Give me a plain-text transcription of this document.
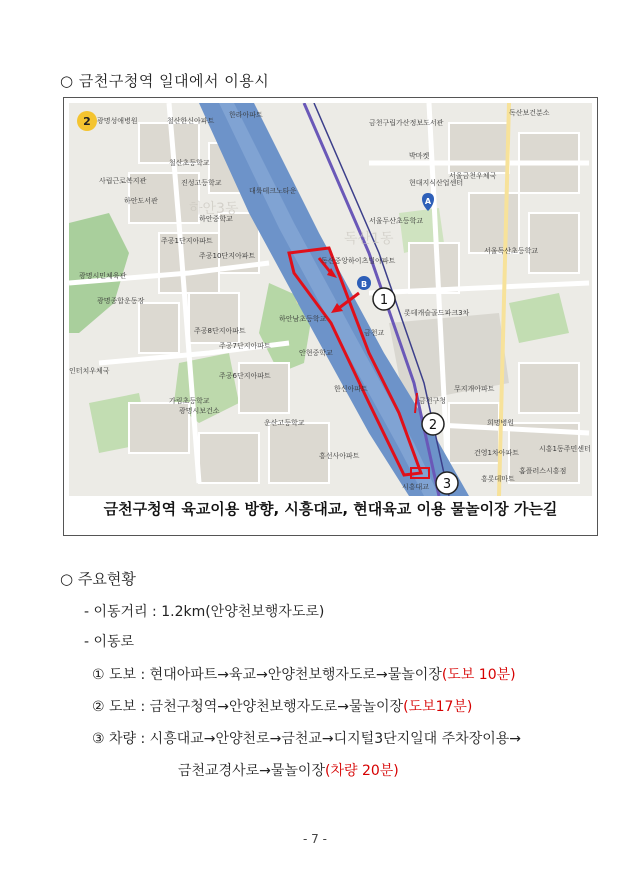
○ 금천구청역 일대에서 이용시
2
A
B
1
2
3
광명성애병원	철산한신아파트
한라아파트
금천구립가산정보도서관
독산보건분소
철산초등학교
사립근로복지관
하안도서관
진성고등학교
박마켓
현대지식산업센터
서울금천우체국
하안중학교
대륙테크노타운
서울두산초등학교
주공1단지아파트
주공10단지아파트
독산중앙하이츠빌아파트
서울독산초등학교
광명시민체육관
광명종합운동장
하안남초등학교
롯데캐슬골드파크3차
주공8단지아파트
주공7단지아파트
안현중학교
인터치우체국
주공6단지아파트
가림초등학교
광명시보건소
한신아파트
금천구청
무지개아파트
희명병원
운산고등학교
건영1차아파트	시흥1동주민센터
흥선사아파트
흥롯데마트
홈플러스시흥점
시흥대교
금천교
독산1동
하안3동
금천구청역 육교이용 방향, 시흥대교, 현대육교 이용 물놀이장 가는길
○ 주요현황
- 이동거리 : 1.2km(안양천보행자도로)
- 이동로
① 도보 : 현대아파트→육교→안양천보행자도로→물놀이장(도보 10분)
② 도보 : 금천구청역→안양천보행자도로→물놀이장(도보17분)
③ 차량 : 시흥대교→안양천로→금천교→디지털3단지일대 주차장이용→
금천교경사로→물놀이장(차량 20분)
- 7 -
